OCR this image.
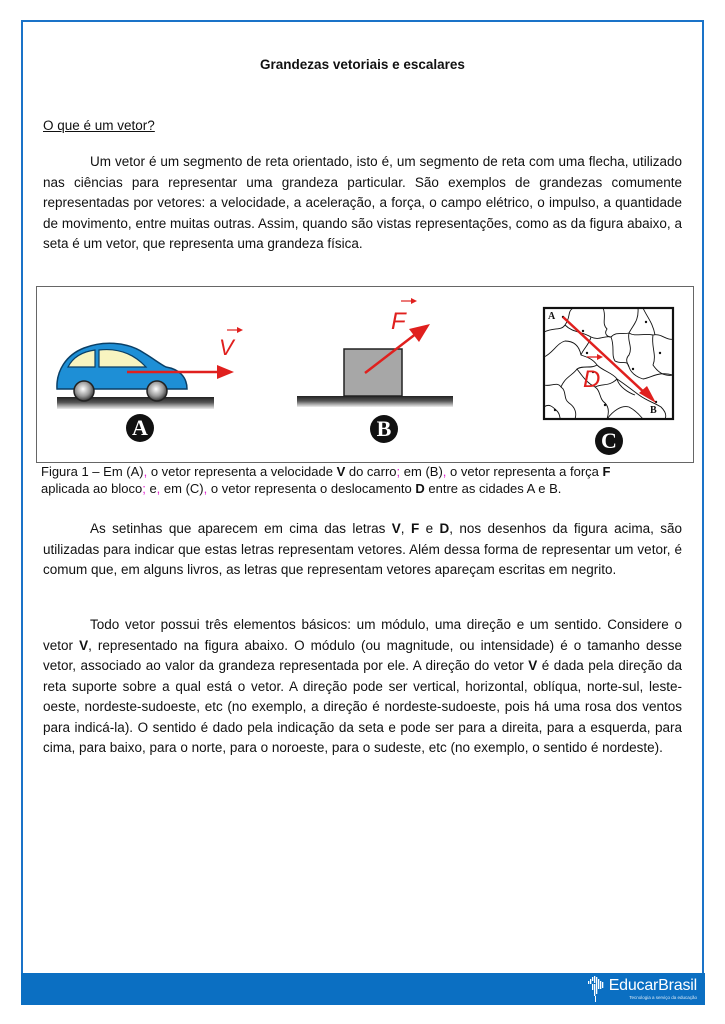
Grandezas vetoriais e escalares
O que é um vetor?

Um vetor é um segmento de reta orientado, isto é, um segmento de reta com uma flecha, utilizado nas ciências para representar uma grandeza particular. São exemplos de grandezas comumente representadas por vetores: a velocidade, a aceleração, a força, o campo elétrico, o impulso, a quantidade de movimento, entre muitas outras. Assim, quando são vistas representações, como as da figura abaixo, a seta é um vetor, que representa uma grandeza física.

V
A
F
B
A
B
D
C

Figura 1 – Em (A), o vetor representa a velocidade V do carro; em (B), o vetor representa a força F
aplicada ao bloco; e, em (C), o vetor representa o deslocamento D entre as cidades A e B.

As setinhas que aparecem em cima das letras V, F e D, nos desenhos da figura acima, são utilizadas para indicar que estas letras representam vetores. Além dessa forma de representar um vetor, é comum que, em alguns livros, as letras que representam vetores apareçam escritas em negrito.

Todo vetor possui três elementos básicos: um módulo, uma direção e um sentido. Considere o vetor V, representado na figura abaixo. O módulo (ou magnitude, ou intensidade) é o tamanho desse vetor, associado ao valor da grandeza representada por ele. A direção do vetor V é dada pela direção da reta suporte sobre a qual está o vetor. A direção pode ser vertical, horizontal, oblíqua, norte-sul, leste-oeste, nordeste-sudoeste, etc (no exemplo, a direção é nordeste-sudoeste, pois há uma rosa dos ventos para indicá-la). O sentido é dado pela indicação da seta e pode ser para a direita, para a esquerda, para cima, para baixo, para o norte, para o noroeste, para o sudeste, etc (no exemplo, o sentido é nordeste).

EducarBrasil
Tecnologia a serviço da educação
